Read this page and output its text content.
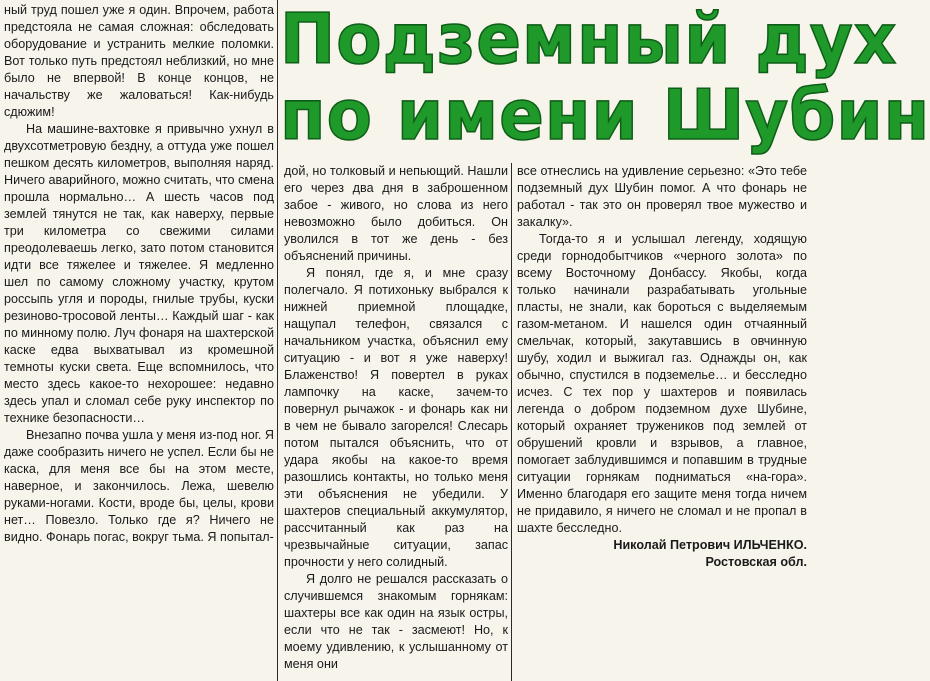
Подземный дух
по имени Шубин

ный труд пошел уже я один. Впрочем, работа предстояла не самая сложная: обследовать оборудование и устранить мелкие поломки. Вот только путь предстоял неблизкий, но мне было не впервой! В конце концов, не начальству же жаловаться! Как-нибудь сдюжим!

На машине-вахтовке я привычно ухнул в двухсотметровую бездну, а оттуда уже пошел пешком десять километров, выполняя наряд. Ничего аварийного, можно считать, что смена прошла нормально… А шесть часов под землей тянутся не так, как наверху, первые три километра со свежими силами преодолеваешь легко, зато потом становится идти все тяжелее и тяжелее. Я медленно шел по самому сложному участку, крутом россыпь угля и породы, гнилые трубы, куски резиново-тросовой ленты… Каждый шаг - как по минному полю. Луч фонаря на шахтерской каске едва выхватывал из кромешной темноты куски света. Еще вспомнилось, что место здесь какое-то нехорошее: недавно здесь упал и сломал себе руку инспектор по технике безопасности…

Внезапно почва ушла у меня из-под ног. Я даже сообразить ничего не успел. Если бы не каска, для меня все бы на этом месте, наверное, и закончилось. Лежа, шевелю руками-ногами. Кости, вроде бы, целы, крови нет… Повезло. Только где я? Ничего не видно. Фонарь погас, вокруг тьма. Я попытал-

дой, но толковый и непьющий. Нашли его через два дня в заброшенном забое - живого, но слова из него невозможно было добиться. Он уволился в тот же день - без объяснений причины.

Я понял, где я, и мне сразу полегчало. Я потихоньку выбрался к нижней приемной площадке, нащупал телефон, связался с начальником участка, объяснил ему ситуацию - и вот я уже наверху! Блаженство! Я повертел в руках лампочку на каске, зачем-то повернул рычажок - и фонарь как ни в чем не бывало загорелся! Слесарь потом пытался объяснить, что от удара якобы на какое-то время разошлись контакты, но только меня эти объяснения не убедили. У шахтеров специальный аккумулятор, рассчитанный как раз на чрезвычайные ситуации, запас прочности у него солидный.

Я долго не решался рассказать о случившемся знакомым горнякам: шахтеры все как один на язык остры, если что не так - засмеют! Но, к моему удивлению, к услышанному от меня они

все отнеслись на удивление серьезно: «Это тебе подземный дух Шубин помог. А что фонарь не работал - так это он проверял твое мужество и закалку».

Тогда-то я и услышал легенду, ходящую среди горнодобытчиков «черного золота» по всему Восточному Донбассу. Якобы, когда только начинали разрабатывать угольные пласты, не знали, как бороться с выделяемым газом-метаном. И нашелся один отчаянный смельчак, который, закутавшись в овчинную шубу, ходил и выжигал газ. Однажды он, как обычно, спустился в подземелье… и бесследно исчез. С тех пор у шахтеров и появилась легенда о добром подземном духе Шубине, который охраняет тружеников под землей от обрушений кровли и взрывов, а главное, помогает заблудившимся и попавшим в трудные ситуации горнякам подниматься «на-гора». Именно благодаря его защите меня тогда ничем не придавило, я ничего не сломал и не пропал в шахте бесследно.

Николай Петрович ИЛЬЧЕНКО.

Ростовская обл.
